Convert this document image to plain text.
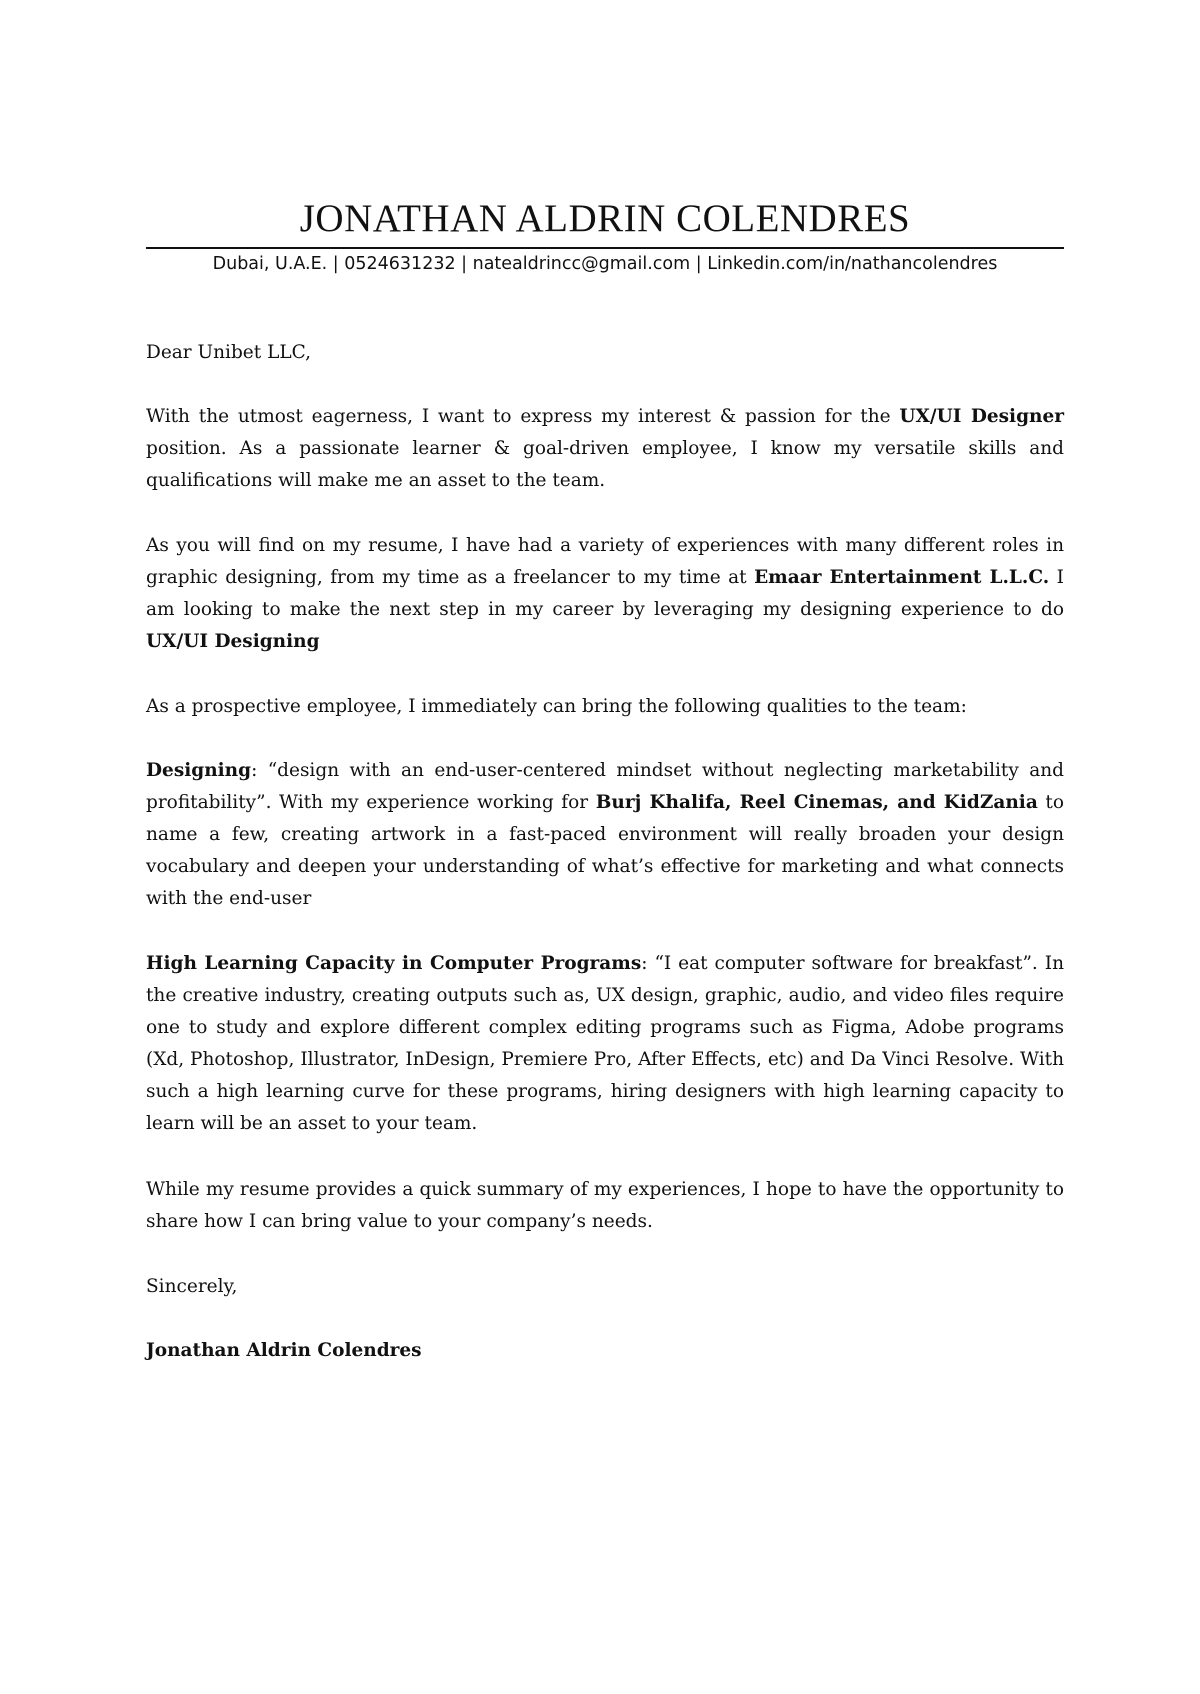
JONATHAN ALDRIN COLENDRES
Dubai, U.A.E. | 0524631232 | natealdrincc@gmail.com | Linkedin.com/in/nathancolendres

Dear Unibet LLC,

With the utmost eagerness, I want to express my interest & passion for the UX/UI Designer position. As a passionate learner & goal-driven employee, I know my versatile skills and qualifications will make me an asset to the team.

As you will find on my resume, I have had a variety of experiences with many different roles in graphic designing, from my time as a freelancer to my time at Emaar Entertainment L.L.C. I am looking to make the next step in my career by leveraging my designing experience to do UX/UI Designing

As a prospective employee, I immediately can bring the following qualities to the team:

Designing: “design with an end-user-centered mindset without neglecting marketability and profitability”. With my experience working for Burj Khalifa, Reel Cinemas, and KidZania to name a few, creating artwork in a fast-paced environment will really broaden your design vocabulary and deepen your understanding of what’s effective for marketing and what connects with the end-user

High Learning Capacity in Computer Programs: “I eat computer software for breakfast”. In the creative industry, creating outputs such as, UX design, graphic, audio, and video files require one to study and explore different complex editing programs such as Figma, Adobe programs (Xd, Photoshop, Illustrator, InDesign, Premiere Pro, After Effects, etc) and Da Vinci Resolve. With such a high learning curve for these programs, hiring designers with high learning capacity to learn will be an asset to your team.

While my resume provides a quick summary of my experiences, I hope to have the opportunity to share how I can bring value to your company’s needs.

Sincerely,

Jonathan Aldrin Colendres
